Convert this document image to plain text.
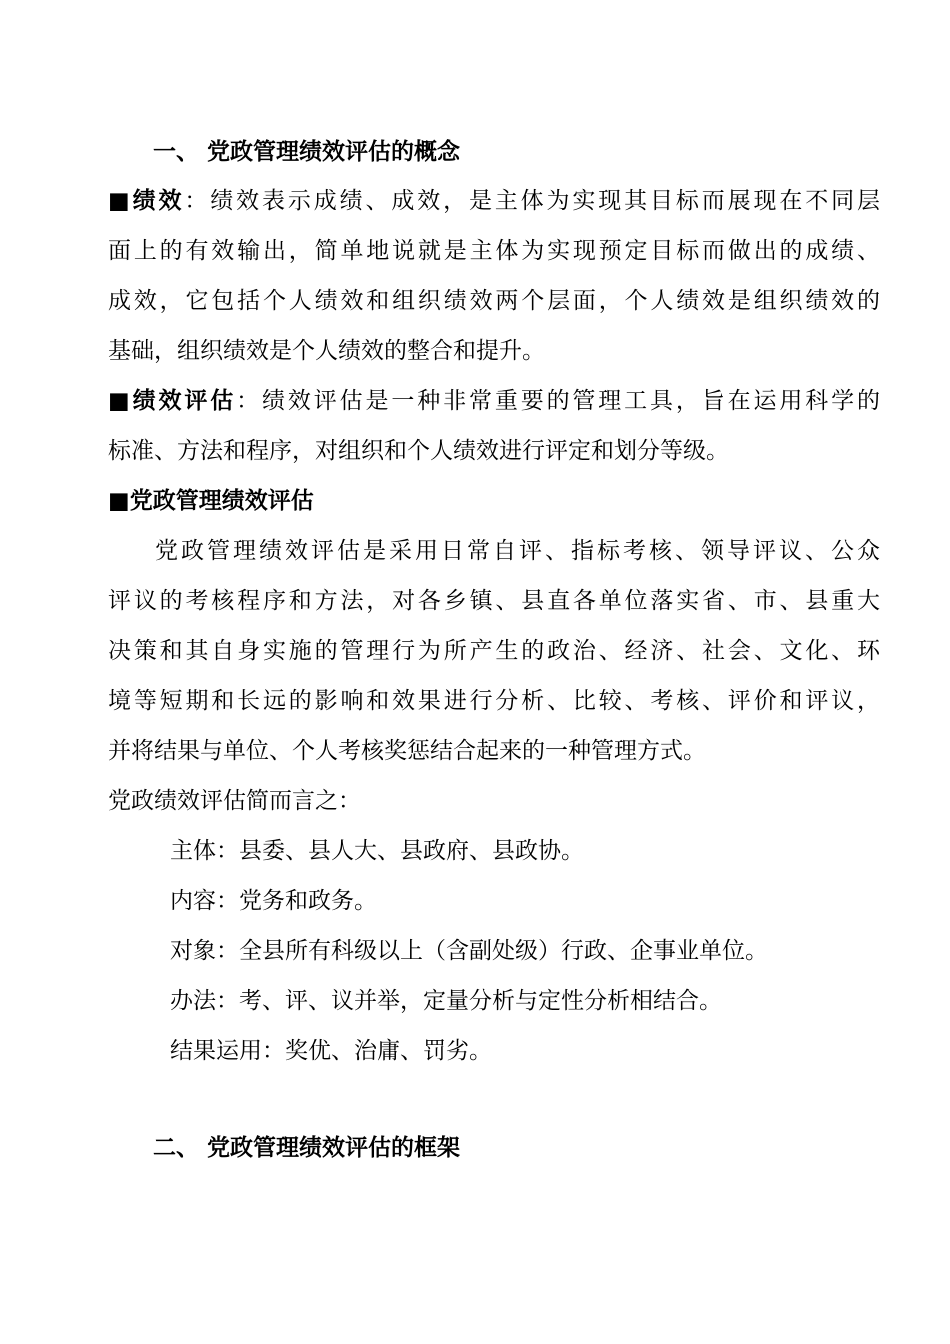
一、 党政管理绩效评估的概念
■绩效：绩效表示成绩、成效，是主体为实现其目标而展现在不同层
面上的有效输出，简单地说就是主体为实现预定目标而做出的成绩、
成效，它包括个人绩效和组织绩效两个层面，个人绩效是组织绩效的
基础，组织绩效是个人绩效的整合和提升。
■绩效评估：绩效评估是一种非常重要的管理工具，旨在运用科学的
标准、方法和程序，对组织和个人绩效进行评定和划分等级。
■党政管理绩效评估
党政管理绩效评估是采用日常自评、指标考核、领导评议、公众
评议的考核程序和方法，对各乡镇、县直各单位落实省、市、县重大
决策和其自身实施的管理行为所产生的政治、经济、社会、文化、环
境等短期和长远的影响和效果进行分析、比较、考核、评价和评议，
并将结果与单位、个人考核奖惩结合起来的一种管理方式。
党政绩效评估简而言之：
主体：县委、县人大、县政府、县政协。
内容：党务和政务。
对象：全县所有科级以上（含副处级）行政、企事业单位。
办法：考、评、议并举，定量分析与定性分析相结合。
结果运用：奖优、治庸、罚劣。
二、 党政管理绩效评估的框架
